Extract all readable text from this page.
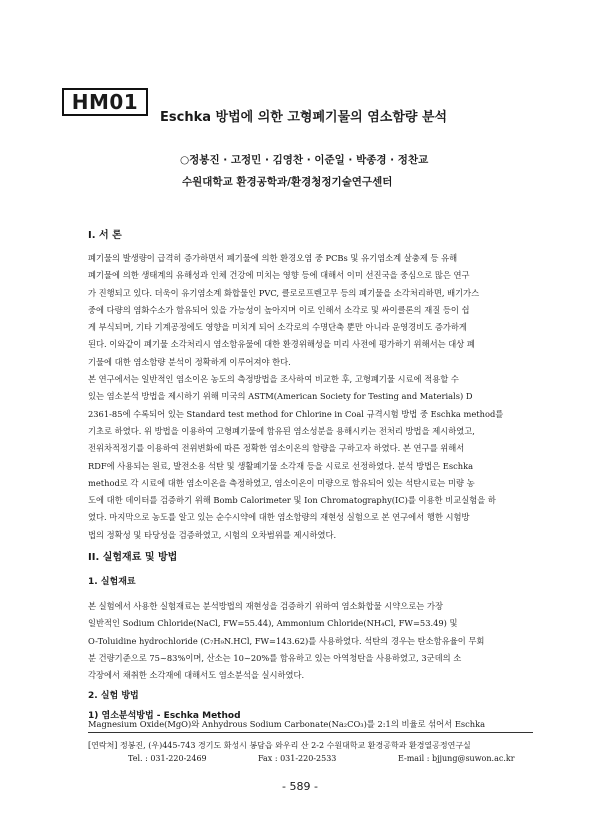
HM01
Eschka 방법에 의한 고형폐기물의 염소함량 분석
○정봉진 · 고정민 · 김영찬 · 이준일 · 박종경 · 정찬교
수원대학교 환경공학과/환경청정기술연구센터
I. 서 론
폐기물의 발생량이 급격히 증가하면서 폐기물에 의한 환경오염 중 PCBs 및 유기염소계 살충제 등 유해
폐기물에 의한 생태계의 유해성과 인체 건강에 미치는 영향 등에 대해서 이미 선진국을 중심으로 많은 연구
가 진행되고 있다. 더욱이 유기염소계 화합물인 PVC, 클로로프렌고무 등의 폐기물을 소각처리하면, 배기가스
중에 다량의 염화수소가 함유되어 있을 가능성이 높아지며 이로 인해서 소각로 및 싸이클론의 재질 등이 쉽
게 부식되며, 기타 기계공정에도 영향을 미치게 되어 소각로의 수명단축 뿐만 아니라 운영경비도 증가하게
된다. 이와같이 폐기물 소각처리시 염소함유물에 대한 환경위해성을 미리 사전에 평가하기 위해서는 대상 폐
기물에 대한 염소함량 분석이 정확하게 이루어져야 한다.
본 연구에서는 일반적인 염소이온 농도의 측정방법을 조사하여 비교한 후, 고형폐기물 시료에 적용할 수
있는 염소분석 방법을 제시하기 위해 미국의 ASTM(American Society for Testing and Materials) D
2361-85에 수록되어 있는 Standard test method for Chlorine in Coal 규격시험 방법 중 Eschka method를
기초로 하였다. 위 방법을 이용하여 고형폐기물에 함유된 염소성분을 용해시키는 전처리 방법을 제시하였고,
전위차적정기를 이용하여 전위변화에 따른 정확한 염소이온의 함량을 구하고자 하였다. 본 연구를 위해서
RDF에 사용되는 원료, 발전소용 석탄 및 생활폐기물 소각재 등을 시료로 선정하였다. 분석 방법은 Eschka
method로 각 시료에 대한 염소이온을 측정하였고, 염소이온이 미량으로 함유되어 있는 석탄시료는 미량 농
도에 대한 데이터를 검증하기 위해 Bomb Calorimeter 및 Ion Chromatography(IC)를 이용한 비교실험을 하
였다. 마지막으로 농도를 알고 있는 순수시약에 대한 염소함량의 재현성 실험으로 본 연구에서 행한 시험방
법의 정확성 및 타당성을 검증하였고, 시험의 오차범위를 제시하였다.
II. 실험재료 및 방법
1. 실험재료
본 실험에서 사용한 실험재료는 분석방법의 재현성을 검증하기 위하여 염소화합물 시약으로는 가장
일반적인 Sodium Chloride(NaCl, FW=55.44), Ammonium Chloride(NH₄Cl, FW=53.49) 및
O-Toluidine hydrochloride (C₇H₉N.HCl, FW=143.62)를 사용하였다. 석탄의 경우는 탄소함유율이 무회
분 건량기준으로 75~83%이며, 산소는 10~20%를 함유하고 있는 아역청탄을 사용하였고, 3군데의 소
각장에서 채취한 소각재에 대해서도 염소분석을 실시하였다.
2. 실험 방법
1) 염소분석방법 - Eschka Method
Magnesium Oxide(MgO)와 Anhydrous Sodium Carbonate(Na₂CO₃)를 2:1의 비율로 섞어서 Eschka
[연락처] 정봉진, (우)445-743 경기도 화성시 봉담읍 와우리 산 2-2 수원대학교 환경공학과 환경열공정연구실
Tel. : 031-220-2469	Fax : 031-220-2533	E-mail : bjjung@suwon.ac.kr
- 589 -
